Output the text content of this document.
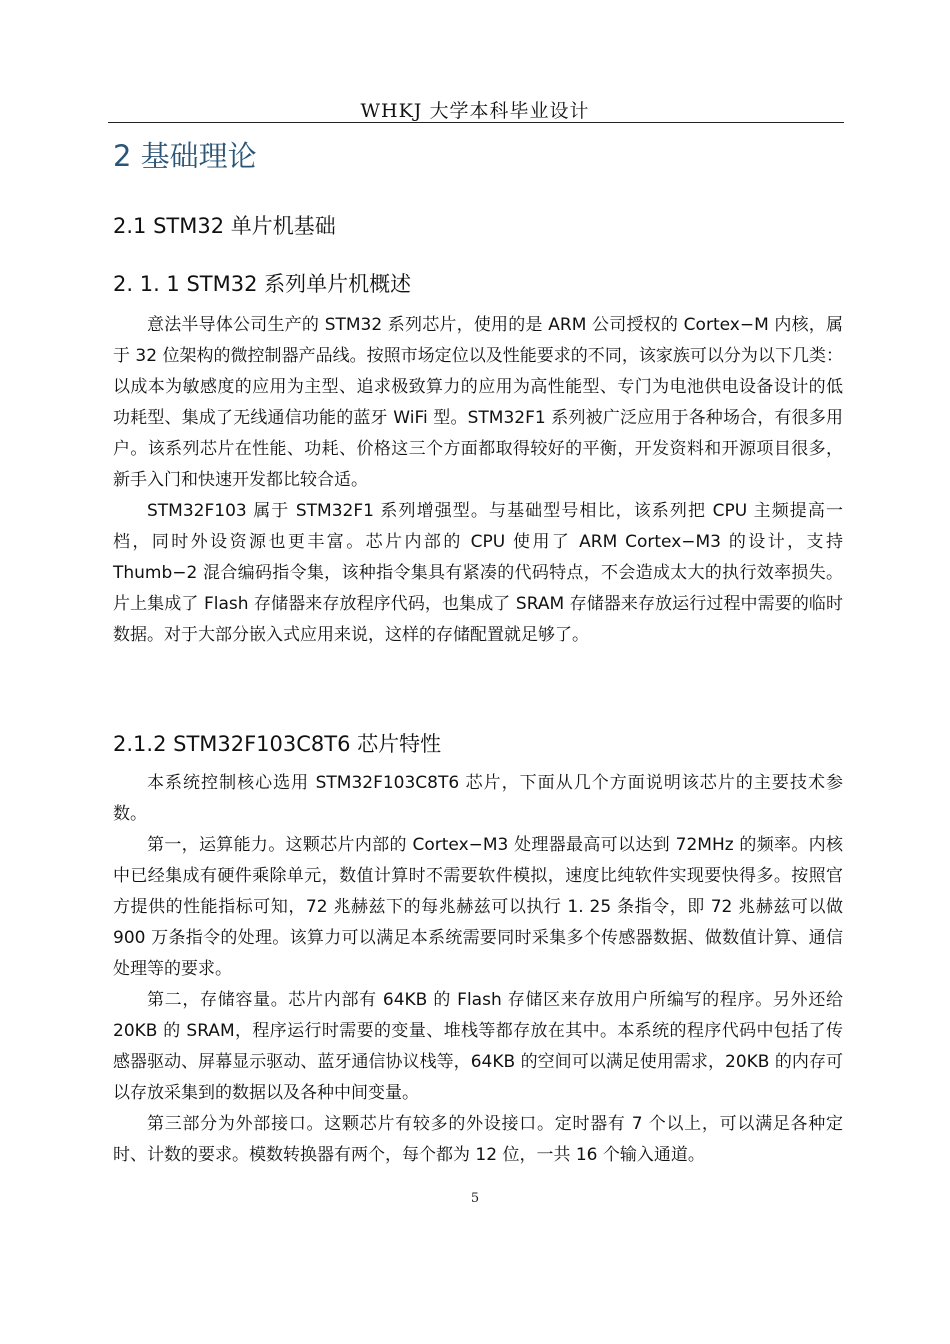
WHKJ 大学本科毕业设计
2 基础理论
2.1 STM32 单片机基础
2. 1. 1 STM32 系列单片机概述

意法半导体公司生产的 STM32 系列芯片，使用的是 ARM 公司授权的 Cortex−M 内核，属于 32 位架构的微控制器产品线。按照市场定位以及性能要求的不同，该家族可以分为以下几类：以成本为敏感度的应用为主型、追求极致算力的应用为高性能型、专门为电池供电设备设计的低功耗型、集成了无线通信功能的蓝牙 WiFi 型。STM32F1 系列被广泛应用于各种场合，有很多用户。该系列芯片在性能、功耗、价格这三个方面都取得较好的平衡，开发资料和开源项目很多，新手入门和快速开发都比较合适。

STM32F103 属于 STM32F1 系列增强型。与基础型号相比，该系列把 CPU 主频提高一档，同时外设资源也更丰富。芯片内部的 CPU 使用了 ARM Cortex−M3 的设计，支持 Thumb−2 混合编码指令集，该种指令集具有紧凑的代码特点，不会造成太大的执行效率损失。片上集成了 Flash 存储器来存放程序代码，也集成了 SRAM 存储器来存放运行过程中需要的临时数据。对于大部分嵌入式应用来说，这样的存储配置就足够了。

2.1.2 STM32F103C8T6 芯片特性

本系统控制核心选用 STM32F103C8T6 芯片，下面从几个方面说明该芯片的主要技术参数。

第一，运算能力。这颗芯片内部的 Cortex−M3 处理器最高可以达到 72MHz 的频率。内核中已经集成有硬件乘除单元，数值计算时不需要软件模拟，速度比纯软件实现要快得多。按照官方提供的性能指标可知，72 兆赫兹下的每兆赫兹可以执行 1. 25 条指令，即 72 兆赫兹可以做 900 万条指令的处理。该算力可以满足本系统需要同时采集多个传感器数据、做数值计算、通信处理等的要求。

第二，存储容量。芯片内部有 64KB 的 Flash 存储区来存放用户所编写的程序。另外还给 20KB 的 SRAM，程序运行时需要的变量、堆栈等都存放在其中。本系统的程序代码中包括了传感器驱动、屏幕显示驱动、蓝牙通信协议栈等，64KB 的空间可以满足使用需求，20KB 的内存可以存放采集到的数据以及各种中间变量。

第三部分为外部接口。这颗芯片有较多的外设接口。定时器有 7 个以上，可以满足各种定时、计数的要求。模数转换器有两个，每个都为 12 位，一共 16 个输入通道。

5
